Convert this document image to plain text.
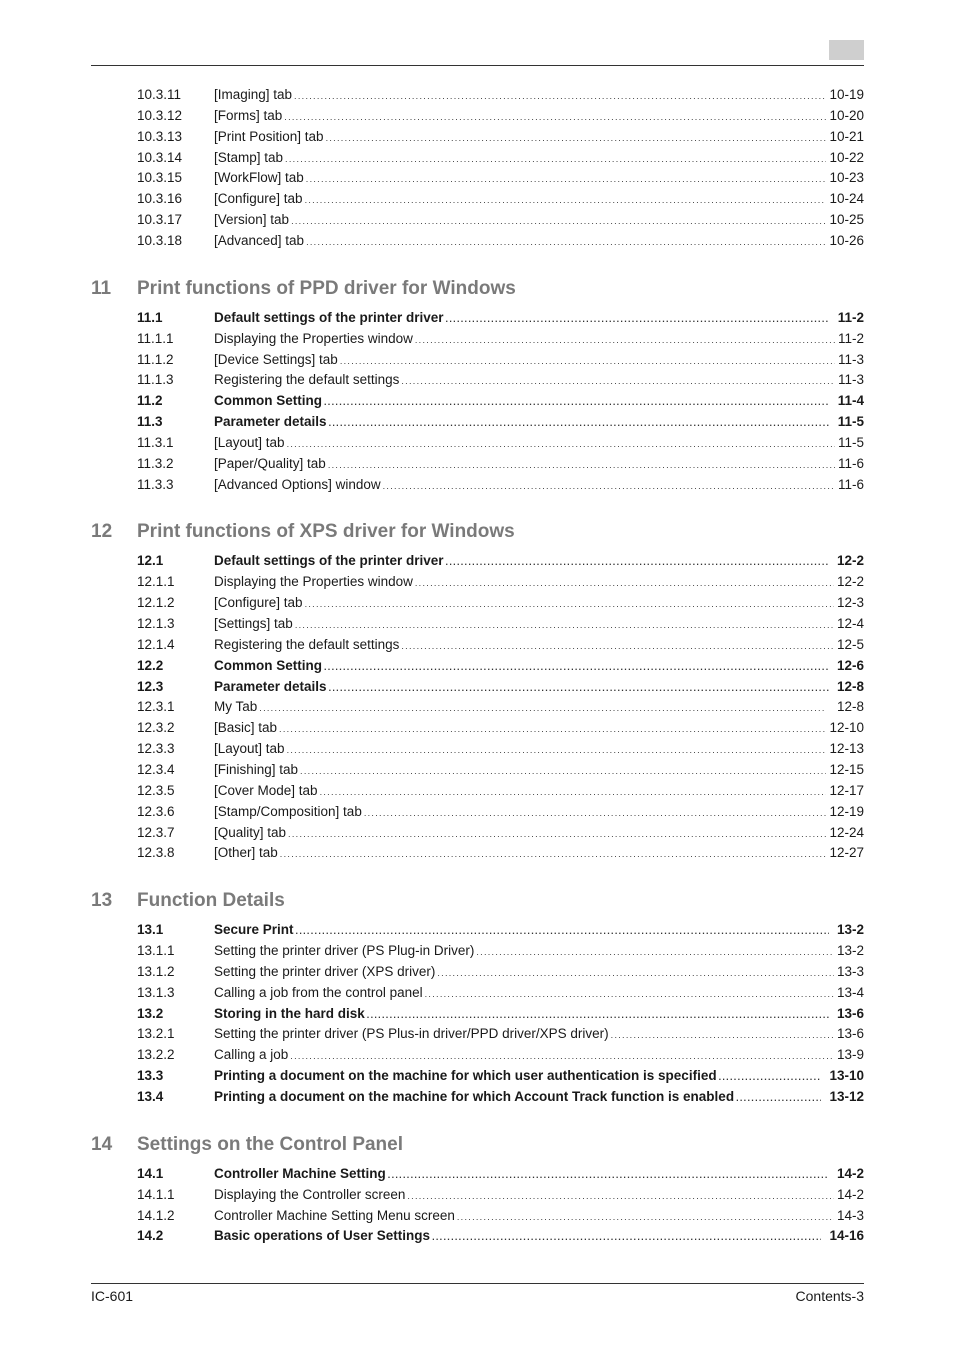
10.3.11	[Imaging] tab . . .	10-19
10.3.12	[Forms] tab . . .	10-20
10.3.13	[Print Position] tab . . .	10-21
10.3.14	[Stamp] tab . . .	10-22
10.3.15	[WorkFlow] tab . . .	10-23
10.3.16	[Configure] tab . . .	10-24
10.3.17	[Version] tab . . .	10-25
10.3.18	[Advanced] tab . . .	10-26
11	Print functions of PPD driver for Windows
11.1	Default settings of the printer driver . . .	11-2
11.1.1	Displaying the Properties window . . .	11-2
11.1.2	[Device Settings] tab . . .	11-3
11.1.3	Registering the default settings . . .	11-3
11.2	Common Setting . . .	11-4
11.3	Parameter details . . .	11-5
11.3.1	[Layout] tab . . .	11-5
11.3.2	[Paper/Quality] tab . . .	11-6
11.3.3	[Advanced Options] window . . .	11-6
12	Print functions of XPS driver for Windows
12.1	Default settings of the printer driver . . .	12-2
12.1.1	Displaying the Properties window . . .	12-2
12.1.2	[Configure] tab . . .	12-3
12.1.3	[Settings] tab . . .	12-4
12.1.4	Registering the default settings . . .	12-5
12.2	Common Setting . . .	12-6
12.3	Parameter details . . .	12-8
12.3.1	My Tab . . .	12-8
12.3.2	[Basic] tab . . .	12-10
12.3.3	[Layout] tab . . .	12-13
12.3.4	[Finishing] tab . . .	12-15
12.3.5	[Cover Mode] tab . . .	12-17
12.3.6	[Stamp/Composition] tab . . .	12-19
12.3.7	[Quality] tab . . .	12-24
12.3.8	[Other] tab . . .	12-27
13	Function Details
13.1	Secure Print . . .	13-2
13.1.1	Setting the printer driver (PS Plug-in Driver) . . .	13-2
13.1.2	Setting the printer driver (XPS driver) . . .	13-3
13.1.3	Calling a job from the control panel . . .	13-4
13.2	Storing in the hard disk . . .	13-6
13.2.1	Setting the printer driver (PS Plus-in driver/PPD driver/XPS driver) . . .	13-6
13.2.2	Calling a job . . .	13-9
13.3	Printing a document on the machine for which user authentication is specified . . .	13-10
13.4	Printing a document on the machine for which Account Track function is enabled . . .	13-12
14	Settings on the Control Panel
14.1	Controller Machine Setting . . .	14-2
14.1.1	Displaying the Controller screen . . .	14-2
14.1.2	Controller Machine Setting Menu screen . . .	14-3
14.2	Basic operations of User Settings . . .	14-16
IC-601	Contents-3
